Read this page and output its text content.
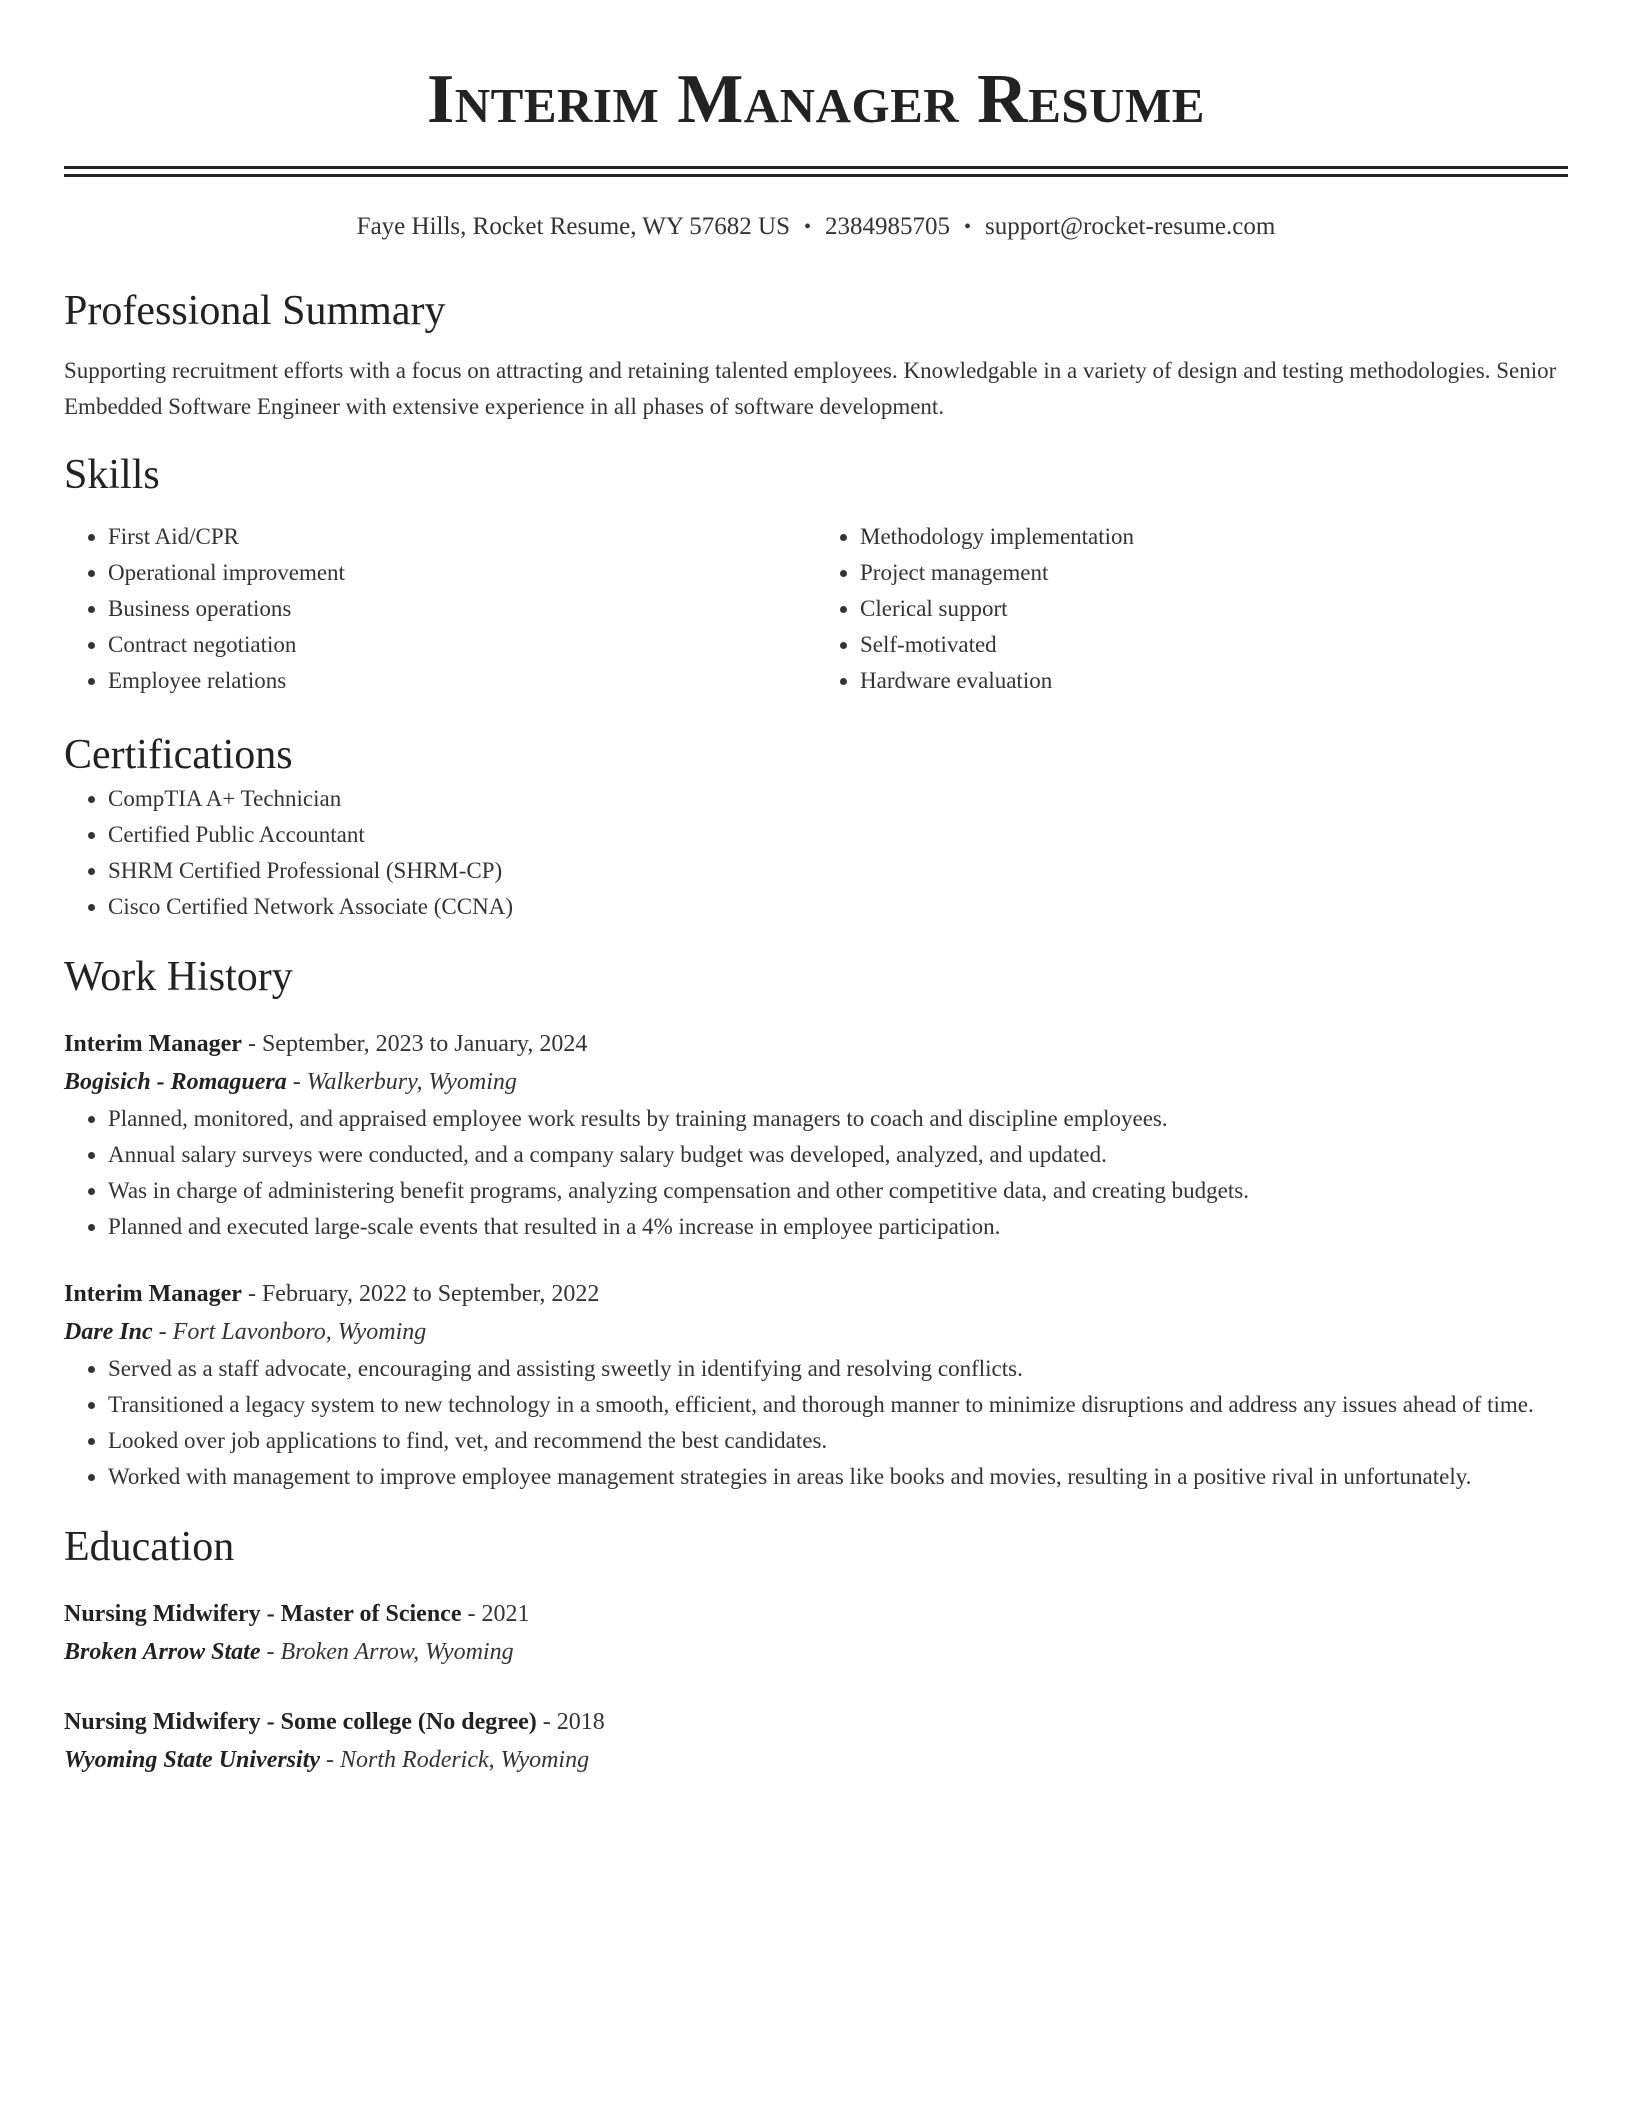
Interim Manager Resume
Faye Hills, Rocket Resume, WY 57682 US • 2384985705 • support@rocket-resume.com
Professional Summary
Supporting recruitment efforts with a focus on attracting and retaining talented employees. Knowledgable in a variety of design and testing methodologies. Senior Embedded Software Engineer with extensive experience in all phases of software development.
Skills
• First Aid/CPR
• Operational improvement
• Business operations
• Contract negotiation
• Employee relations
• Methodology implementation
• Project management
• Clerical support
• Self-motivated
• Hardware evaluation
Certifications
• CompTIA A+ Technician
• Certified Public Accountant
• SHRM Certified Professional (SHRM-CP)
• Cisco Certified Network Associate (CCNA)
Work History
Interim Manager - September, 2023 to January, 2024
Bogisich - Romaguera - Walkerbury, Wyoming
• Planned, monitored, and appraised employee work results by training managers to coach and discipline employees.
• Annual salary surveys were conducted, and a company salary budget was developed, analyzed, and updated.
• Was in charge of administering benefit programs, analyzing compensation and other competitive data, and creating budgets.
• Planned and executed large-scale events that resulted in a 4% increase in employee participation.
Interim Manager - February, 2022 to September, 2022
Dare Inc - Fort Lavonboro, Wyoming
• Served as a staff advocate, encouraging and assisting sweetly in identifying and resolving conflicts.
• Transitioned a legacy system to new technology in a smooth, efficient, and thorough manner to minimize disruptions and address any issues ahead of time.
• Looked over job applications to find, vet, and recommend the best candidates.
• Worked with management to improve employee management strategies in areas like books and movies, resulting in a positive rival in unfortunately.
Education
Nursing Midwifery - Master of Science - 2021
Broken Arrow State - Broken Arrow, Wyoming
Nursing Midwifery - Some college (No degree) - 2018
Wyoming State University - North Roderick, Wyoming
